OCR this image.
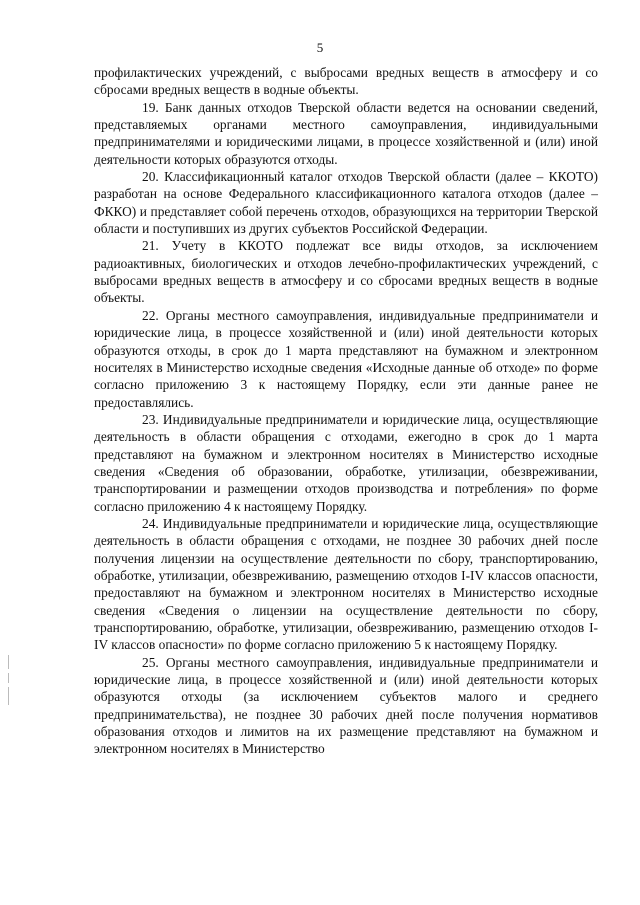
5

профилактических учреждений, с выбросами вредных веществ в атмосферу и со сбросами вредных веществ в водные объекты.

19. Банк данных отходов Тверской области ведется на основании сведений, представляемых органами местного самоуправления, индивидуальными предпринимателями и юридическими лицами, в процессе хозяйственной и (или) иной деятельности которых образуются отходы.

20. Классификационный каталог отходов Тверской области (далее – ККОТО) разработан на основе Федерального классификационного каталога отходов (далее – ФККО) и представляет собой перечень отходов, образующихся на территории Тверской области и поступивших из других субъектов Российской Федерации.

21. Учету в ККОТО подлежат все виды отходов, за исключением радиоактивных, биологических и отходов лечебно-профилактических учреждений, с выбросами вредных веществ в атмосферу и со сбросами вредных веществ в водные объекты.

22. Органы местного самоуправления, индивидуальные предприниматели и юридические лица, в процессе хозяйственной и (или) иной деятельности которых образуются отходы, в срок до 1 марта представляют на бумажном и электронном носителях в Министерство исходные сведения «Исходные данные об отходе» по форме согласно приложению 3 к настоящему Порядку, если эти данные ранее не предоставлялись.

23. Индивидуальные предприниматели и юридические лица, осуществляющие деятельность в области обращения с отходами, ежегодно в срок до 1 марта представляют на бумажном и электронном носителях в Министерство исходные сведения «Сведения об образовании, обработке, утилизации, обезвреживании, транспортировании и размещении отходов производства и потребления» по форме согласно приложению 4 к настоящему Порядку.

24. Индивидуальные предприниматели и юридические лица, осуществляющие деятельность в области обращения с отходами, не позднее 30 рабочих дней после получения лицензии на осуществление деятельности по сбору, транспортированию, обработке, утилизации, обезвреживанию, размещению отходов I-IV классов опасности, предоставляют на бумажном и электронном носителях в Министерство исходные сведения «Сведения о лицензии на осуществление деятельности по сбору, транспортированию, обработке, утилизации, обезвреживанию, размещению отходов I-IV классов опасности» по форме согласно приложению 5 к настоящему Порядку.

25. Органы местного самоуправления, индивидуальные предприниматели и юридические лица, в процессе хозяйственной и (или) иной деятельности которых образуются отходы (за исключением субъектов малого и среднего предпринимательства), не позднее 30 рабочих дней после получения нормативов образования отходов и лимитов на их размещение представляют на бумажном и электронном носителях в Министерство
